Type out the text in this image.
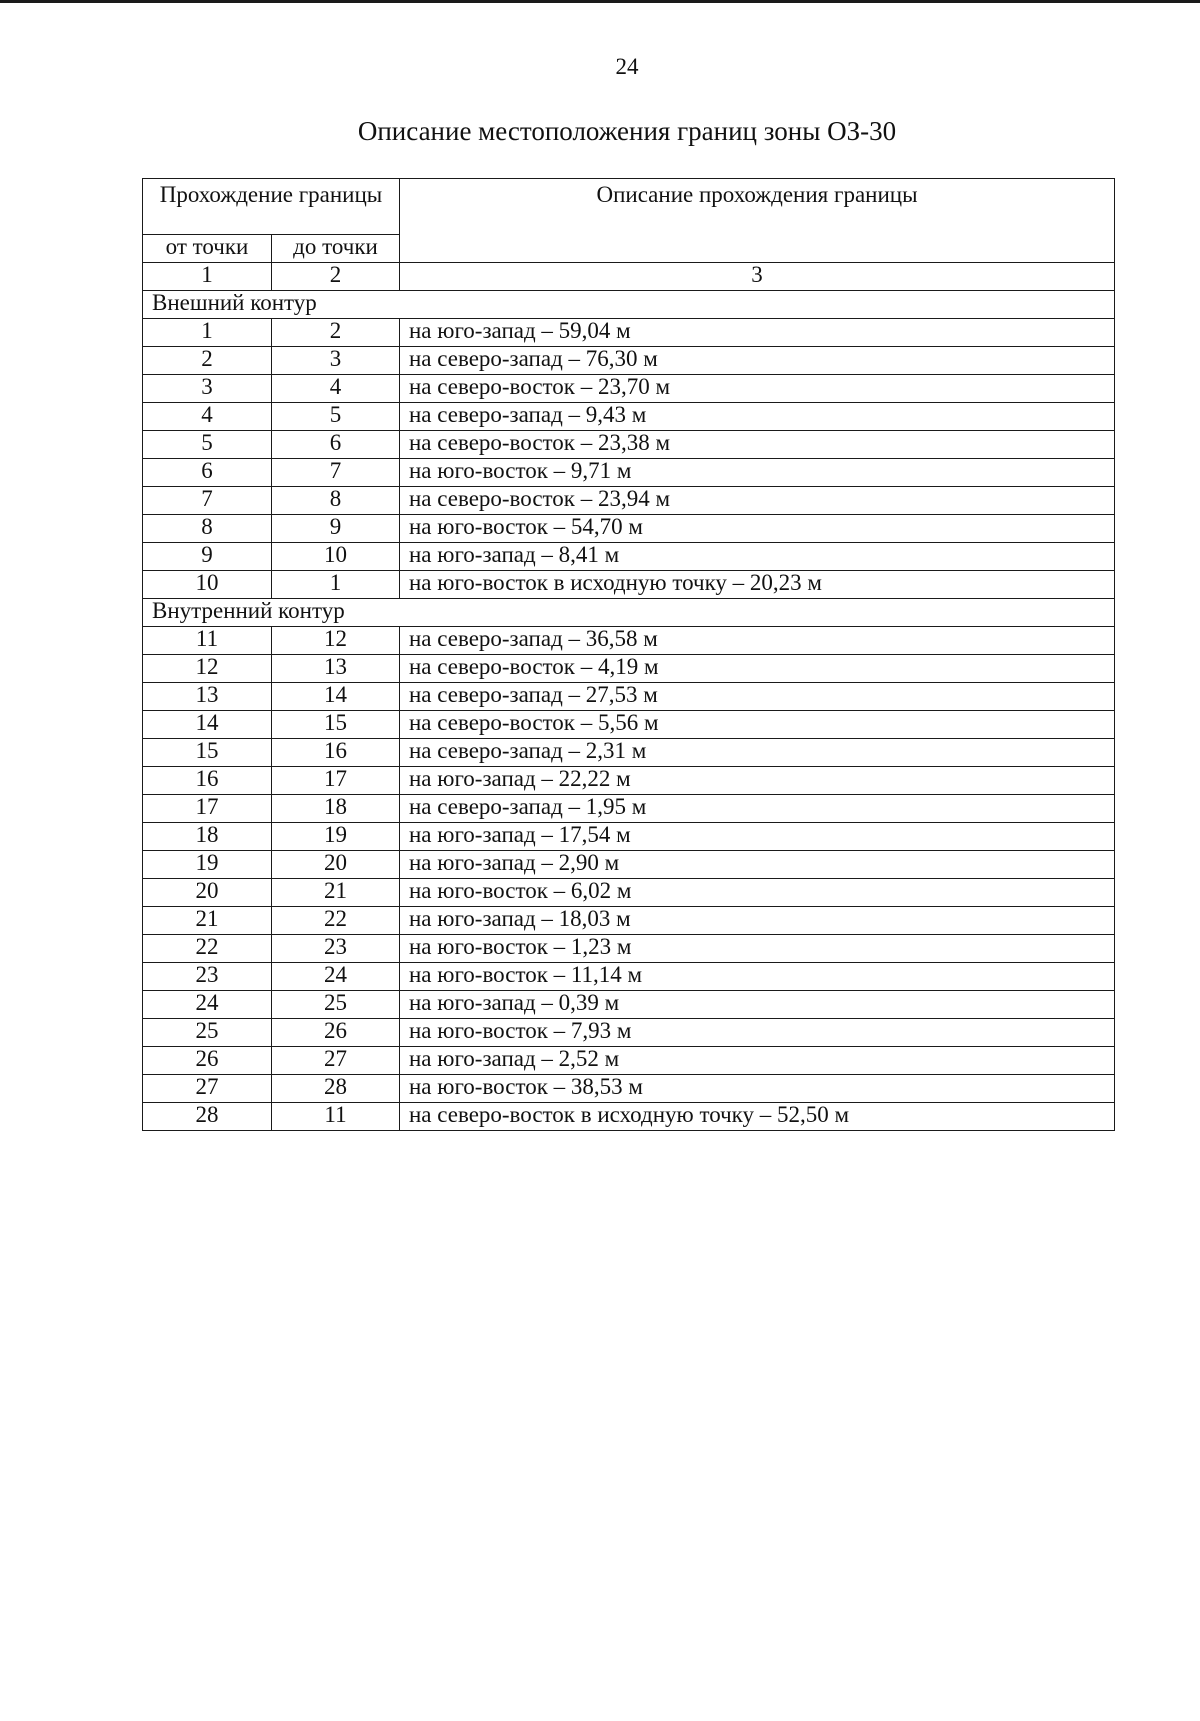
24
Описание местоположения границ зоны ОЗ-30
Прохождение границы		Описание прохождения границы
от точки	до точки	
1	2	3
Внешний контур		
1	2	на юго-запад – 59,04 м
2	3	на северо-запад – 76,30 м
3	4	на северо-восток – 23,70 м
4	5	на северо-запад – 9,43 м
5	6	на северо-восток – 23,38 м
6	7	на юго-восток – 9,71 м
7	8	на северо-восток – 23,94 м
8	9	на юго-восток – 54,70 м
9	10	на юго-запад – 8,41 м
10	1	на юго-восток в исходную точку – 20,23 м
Внутренний контур		
11	12	на северо-запад – 36,58 м
12	13	на северо-восток – 4,19 м
13	14	на северо-запад – 27,53 м
14	15	на северо-восток – 5,56 м
15	16	на северо-запад – 2,31 м
16	17	на юго-запад – 22,22 м
17	18	на северо-запад – 1,95 м
18	19	на юго-запад – 17,54 м
19	20	на юго-запад – 2,90 м
20	21	на юго-восток – 6,02 м
21	22	на юго-запад – 18,03 м
22	23	на юго-восток – 1,23 м
23	24	на юго-восток – 11,14 м
24	25	на юго-запад – 0,39 м
25	26	на юго-восток – 7,93 м
26	27	на юго-запад – 2,52 м
27	28	на юго-восток – 38,53 м
28	11	на северо-восток в исходную точку – 52,50 м
